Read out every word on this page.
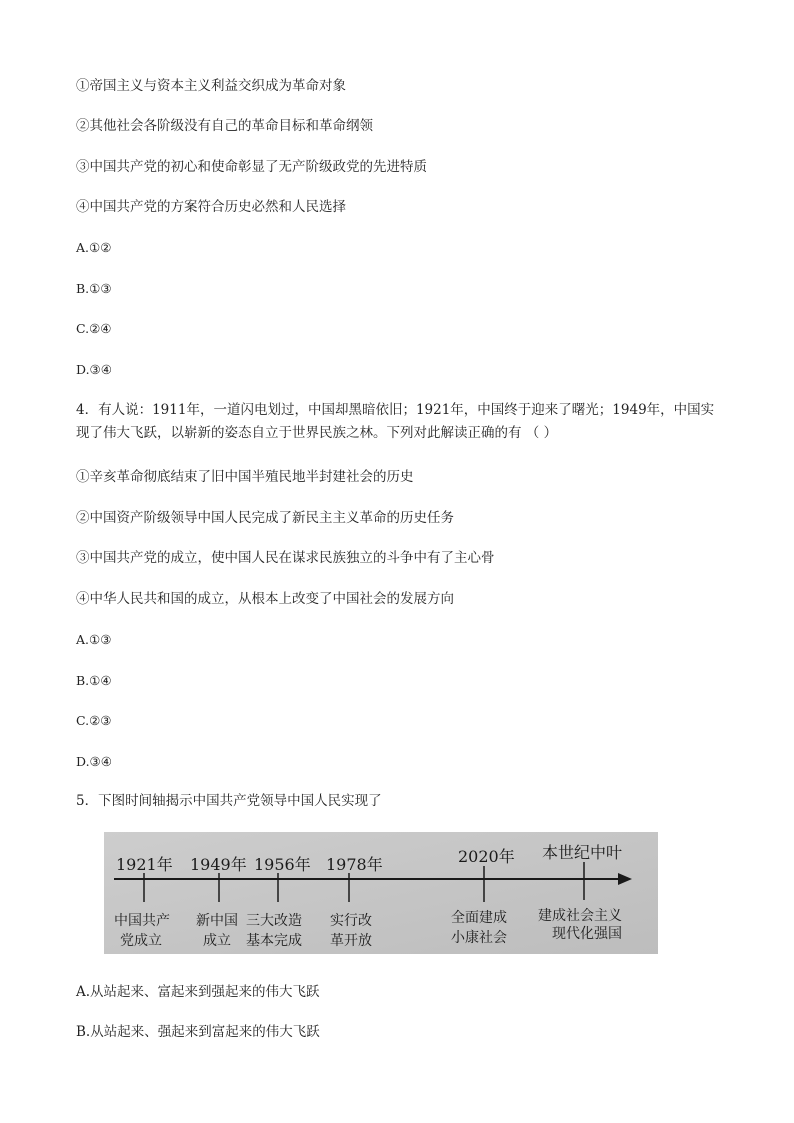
①帝国主义与资本主义利益交织成为革命对象

②其他社会各阶级没有自己的革命目标和革命纲领

③中国共产党的初心和使命彰显了无产阶级政党的先进特质

④中国共产党的方案符合历史必然和人民选择

A.①②

B.①③

C.②④

D.③④

4．有人说：1911年，一道闪电划过，中国却黑暗依旧；1921年，中国终于迎来了曙光；1949年，中国实现了伟大飞跃，以崭新的姿态自立于世界民族之林。下列对此解读正确的有 （ ）

①辛亥革命彻底结束了旧中国半殖民地半封建社会的历史

②中国资产阶级领导中国人民完成了新民主主义革命的历史任务

③中国共产党的成立，使中国人民在谋求民族独立的斗争中有了主心骨

④中华人民共和国的成立，从根本上改变了中国社会的发展方向

A.①③

B.①④

C.②③

D.③④

5．下图时间轴揭示中国共产党领导中国人民实现了

1921年
中国共产
党成立
1949年
新中国
成立
1956年
三大改造
基本完成
1978年
实行改
革开放
2020年
全面建成
小康社会
本世纪中叶
建成社会主义
现代化强国

A.从站起来、富起来到强起来的伟大飞跃

B.从站起来、强起来到富起来的伟大飞跃
